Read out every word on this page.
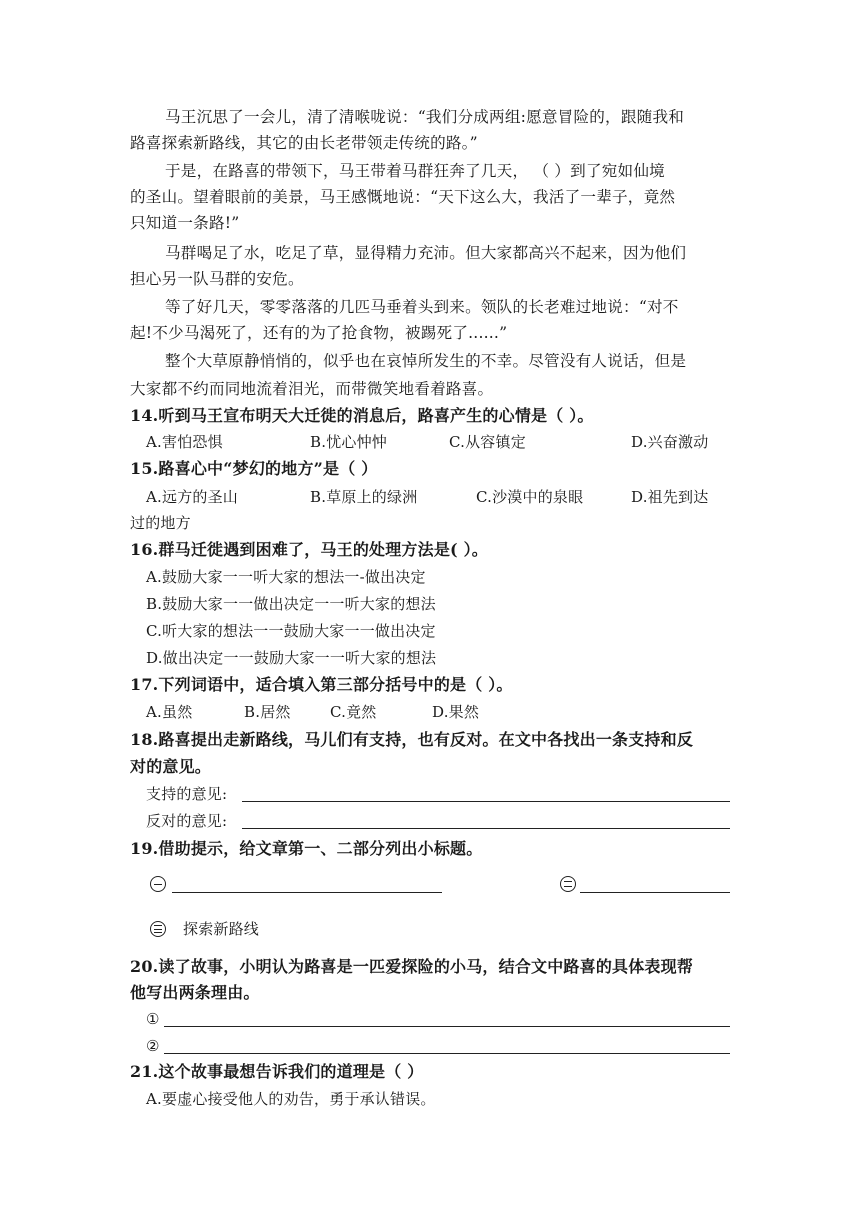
马王沉思了一会儿，清了清喉咙说：“我们分成两组:愿意冒险的，跟随我和
路喜探索新路线，其它的由长老带领走传统的路。”
于是，在路喜的带领下，马王带着马群狂奔了几天， （ ）到了宛如仙境
的圣山。望着眼前的美景，马王感慨地说：“天下这么大，我活了一辈子，竟然
只知道一条路!”
马群喝足了水，吃足了草，显得精力充沛。但大家都高兴不起来，因为他们
担心另一队马群的安危。
等了好几天，零零落落的几匹马垂着头到来。领队的长老难过地说：“对不
起!不少马渴死了，还有的为了抢食物，被踢死了......”
整个大草原静悄悄的，似乎也在哀悼所发生的不幸。尽管没有人说话，但是
大家都不约而同地流着泪光，而带微笑地看着路喜。
14.听到马王宣布明天大迁徙的消息后，路喜产生的心情是（ ）。
A.害怕恐惧	B.忧心忡忡	C.从容镇定	D.兴奋激动
15.路喜心中“梦幻的地方”是（ ）
A.远方的圣山	B.草原上的绿洲	C.沙漠中的泉眼	D.祖先到达
过的地方
16.群马迁徙遇到困难了，马王的处理方法是( ）。
A.鼓励大家一一听大家的想法一-做出决定
B.鼓励大家一一做出决定一一听大家的想法
C.听大家的想法一一鼓励大家一一做出决定
D.做出决定一一鼓励大家一一听大家的想法
17.下列词语中，适合填入第三部分括号中的是（ ）。
A.虽然	B.居然	C.竟然	D.果然
18.路喜提出走新路线，马儿们有支持，也有反对。在文中各找出一条支持和反
对的意见。
支持的意见:
反对的意见:
19.借助提示，给文章第一、二部分列出小标题。
探索新路线
20.读了故事，小明认为路喜是一匹爱探险的小马，结合文中路喜的具体表现帮
他写出两条理由。
①
②
21.这个故事最想告诉我们的道理是（ ）
A.要虚心接受他人的劝告，勇于承认错误。
